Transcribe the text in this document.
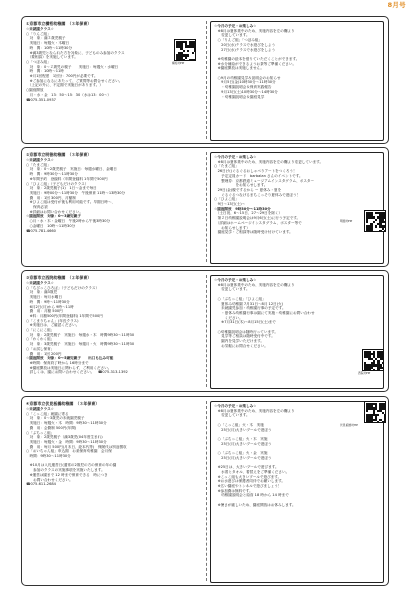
8月号
①京都市立横桁幼稚園　（３年保育）
☆未就園クラス☆
○「りんご組」
　対　象：満３歳児親子
　実施日：毎週火・木曜日
　時　間：10時～11時30分
　※満3歳児となられた方を対象に、子どものみ参加のクラス
　（要相談）を実施しています。
○「つぼみ組」
　対　象：0～２歳児の親子　　実施日：毎週火・水曜日
　時　間：10時～11時
　※月1回程度　1回分：700円が必要です。
　※ご参加になるにあたって、ご質問等お問合せください。
　（上記の外に、不定期で実施日があります。）
○園庭開放
　月・水・金　13：50～15：30（水は13：00～）
☎075-351-0937
横桁幼HP
☆今月の予定・お楽しみ☆
　※8月は夏休業中のため、実施内容を左の欄より
　　変更しています。
　○「りんご組」「つぼみ組」
　　20日(水)テラスで水遊びをしよう
　　27日(水)テラスで水遊びをしよう

　※幼稚園の絵本を借りていただくことができます。
　※水分補給ができるようお茶等ご準備ください。
　※園庭開放は実施しません。

　○9月の幼稚園見学＆説明会のお知らせ
　　9月5日(金)10時30分～11時30分
　　・幼稚園説明会＆保育実践報告
　　9月13日(土)10時30分～14時30分
　　・幼稚園説明会＆園庭見学
②京都市立明徳幼稚園　（３年保育）
☆未就園クラス☆
○「たまご組」
　対　象：0～2歳児親子　実施日：毎週水曜日、金曜日
　時　間：9時30分～11時30分
　※年間予約　登録料（年間登録料 1年間で500円
○「ひよこ組」（子どもだけのクラス）
　対　象：2歳児親子(1)　1日～金まで毎日
　実施日：9時00分～11時30分　午後保育 11時～13時30分
　費　用：1回 300円、月額制
　※ひよこ組は受付が後も利用可能です。早期日時～、
　　保育必須
　※詳細はお問い合わせください。
☆園庭開放　対象：0～3歳児親子
　○月・水・木・金曜日　午後2時から午後3時30分
　○金曜日　10時～11時30分
☎075-781-4660
☆今月の予定・お楽しみ☆
　※8月は夏休業中のため、実施内容を左の欄より変更しています。
○「たまご組」
　26日(火)ぐるぐるおしゃべりアートをつくろう！
　　予定定員カード　barbalan さんのイベントです。
　　整理券：京都鉄道ミュージアムインスタグラム、ポスター
　　　　　　をお知らせします。
　29日(金)親でするから ー 夏休み・夏を
　　ぐるぐるつなげるまちこっそり夏休みで遊ぼう！
○「ひよこ組」
　9日～13日(土)～
☆園庭開放　9時30分～11時30分
　（土日祝、6～15日、27～29日を除く）
　第２日幼稚園説明会は9月6日(土)に行う予定です。
　（詳細はホームページインスタグラム、ポスター等で
　　お知らせします）
　園庭見学・ご相談等は随時受け付けています。
明徳幼HP
③京都市立西院幼稚園　（２年保育）
☆未就園クラス☆
○「ちびっこひろば」（子どもだけのクラス）
　対　象：満3歳児
　実施日：毎月水曜日
　時　間：9時～11時30分
　6月2日(月)から 9時～11時
　費　用：月額 500円
　※料：月額500円(年間登録料) 1年間で500円
○「こまりちゃん」(年長クラス)
　※実施日は、ご確認ください。
○「にこにこ組」
　対　象：2歳児親子　実施日：毎週水・木　時間9時30～11時30
○「わくわく組」
　対　象：3歳児親子　実施日：毎週月・火　時間9時30～11時30
○「お試し保育」
　費　用：1回 200円
☆園庭開放　対象：0～5歳児親子　　出口も込み可能
　※時間：保育終了時から 16時分まで
　※園庭開放は実施日に関わらず、ご利用ください。
　詳しくは、園にお問い合わせください。　☎075-313-1392
☆今月の予定・お楽しみ☆
　※8月は夏休業中のため、実施内容を左の欄より
　　変更しています。

　○「ぶちっこ組」「ひよこ組」
　　夏休み幼稚園 7月31日～8月 12日(火)
　　未就園児参加・幼稚園行事の予定です。
　　・夏休み幼稚園行事は園にて実施・幼稚園にお問い合わせ
　　　ください。
　　※7月31日(木)～8月15日(土)まで

　○幼稚園説明会は随時行っています。
　　見学等ご相談は随時受付中です。
　　園内を見学いただけます。
　　お気軽にお問合せください。
西院幼HP
④京都市立伏見板橋幼稚園　（３年保育）
☆未就園クラス☆
○「こっこ組」就園に寄る
　対　象：0～3歳児の未就園児親子
　実施日：毎週火・木　時間：9時30～11時30分
　費　用：会費制 500円(年間)
○「ぶちっこ組」
　対　象：2歳児親子（満3歳児(04年度生まれ)
　実施日：毎週火・金　時間：9時30～11時30分
　費　用：毎月 500円(月末日、絵本代等)　保険代は別途徴収
○「おいちゃん組」申込期　お楽保育幼稚園　会月保
　時間：9時30～11時30分

　※10月は入札運営日(通常の2歳児の方の保育の年の園
　　参加のクラスの実施事項を実施いたします。
　※運営は園まで 12 時まで保育できる　時につき
　　お問い合わせください。
☎075-611-2684
☆今月の予定・お楽しみ☆
　※8月は夏休業中のため、実施内容を左の欄より
　　変更しています。

　○「こっこ組」火・木　実施
　　25日(月)大きいプールで遊ぼう

　○「ぶちっこ組」火・木　実施
　　25日(月)大きいプールで遊ぼう

　○「ぶちっこ組」火・金　実施
　　25日(月)大きいプールで遊ぼう

　※25日は、大きいプールで遊びます。
　　水着とタオル、着替えをご準備ください。
　※こっこ組も大きいプールで遊びます。
　※お水遊びは保護者同伴でお願いします。
　※広い園庭やトンネルで遊びましょう！
　※参加費は無料です。
　　幼稚園説明会と給食 18 時から 14 時まで

　※暑さが厳しいため、園庭開放はお休みします。
伏見板橋幼HP
